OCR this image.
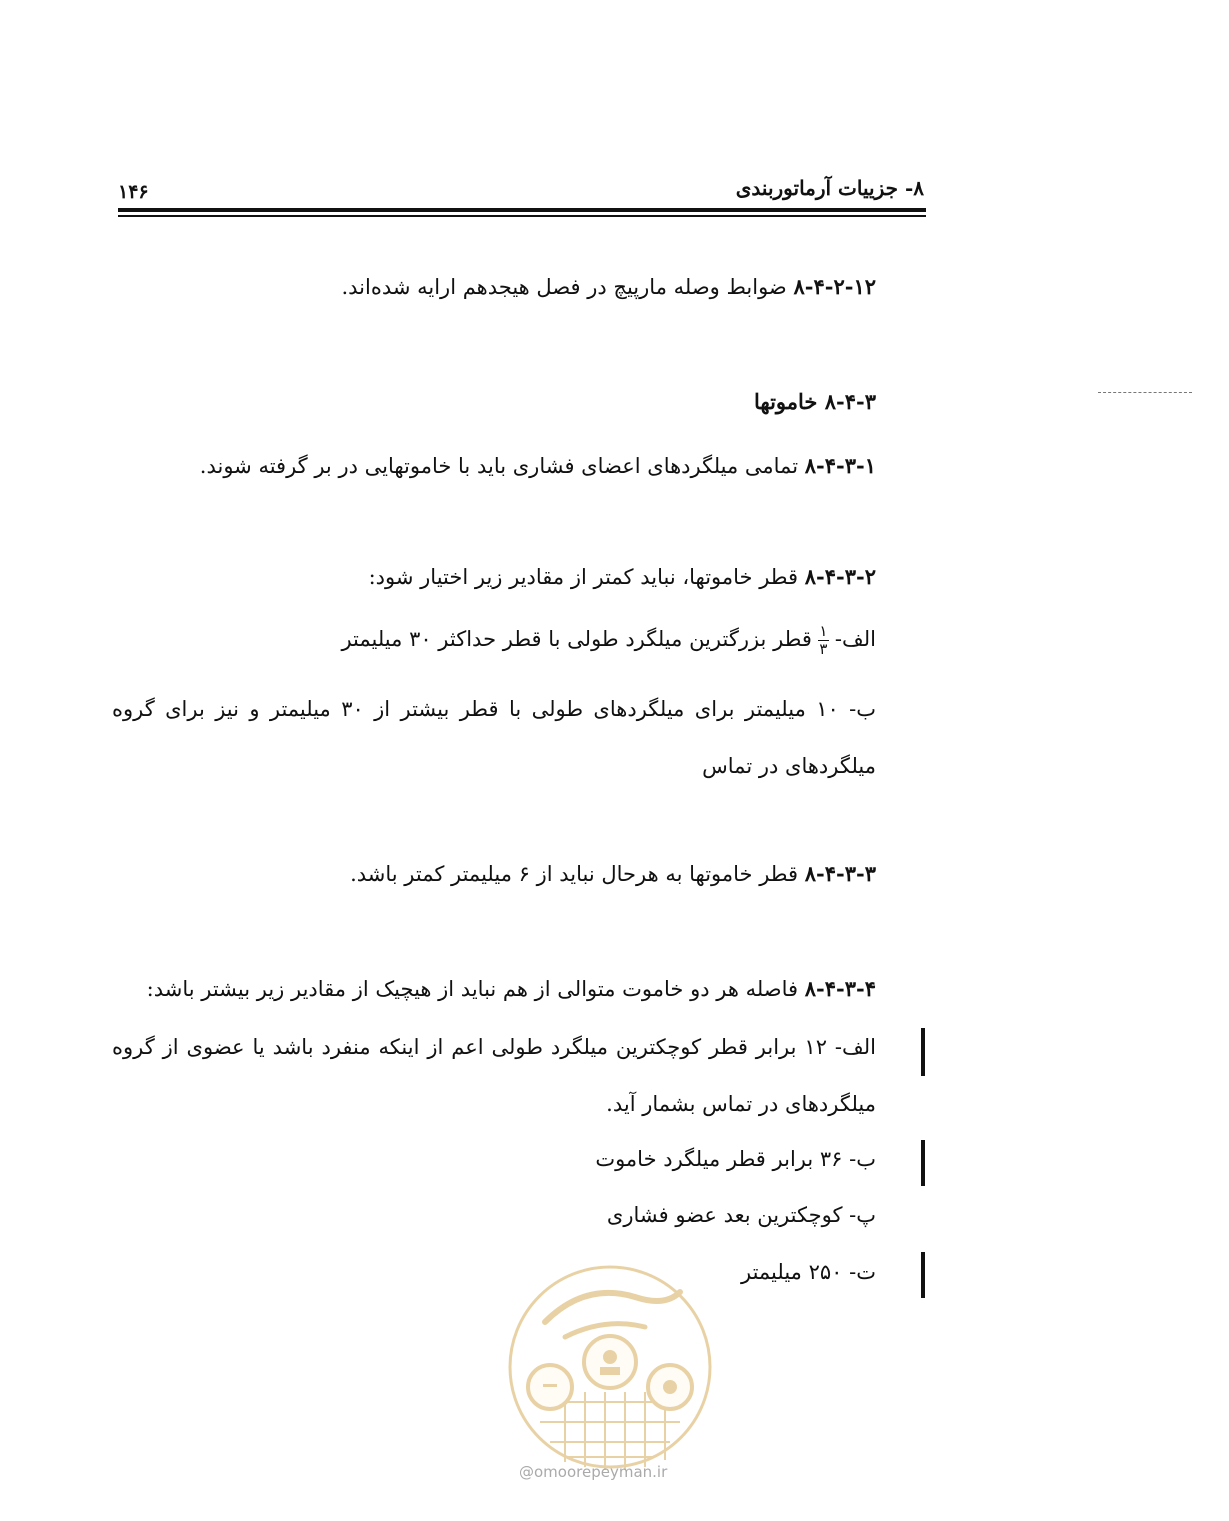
۸- جزییات آرماتوربندی
۱۴۶
۸-۴-۲-۱۲ ضوابط وصله مارپیچ در فصل هیجدهم ارایه شده‌اند.
۸-۴-۳ خاموتها
۸-۴-۳-۱ تمامی میلگردهای اعضای فشاری باید با خاموتهایی در بر گرفته شوند.
۸-۴-۳-۲ قطر خاموتها، نباید کمتر از مقادیر زیر اختیار شود:
الف-
$\frac{۱}{۳}$
قطر بزرگترین میلگرد طولی با قطر حداکثر ۳۰ میلیمتر
ب- ۱۰ میلیمتر برای میلگردهای طولی با قطر بیشتر از ۳۰ میلیمتر و نیز برای گروه
میلگردهای در تماس
۸-۴-۳-۳ قطر خاموتها به هرحال نباید از ۶ میلیمتر کمتر باشد.
۸-۴-۳-۴ فاصله هر دو خاموت متوالی از هم نباید از هیچیک از مقادیر زیر بیشتر باشد:
الف- ۱۲ برابر قطر کوچکترین میلگرد طولی اعم از اینکه منفرد باشد یا عضوی از گروه
میلگردهای در تماس بشمار آید.
ب- ۳۶ برابر قطر میلگرد خاموت
پ- کوچکترین بعد عضو فشاری
ت- ۲۵۰ میلیمتر
@omoorepeyman.ir
